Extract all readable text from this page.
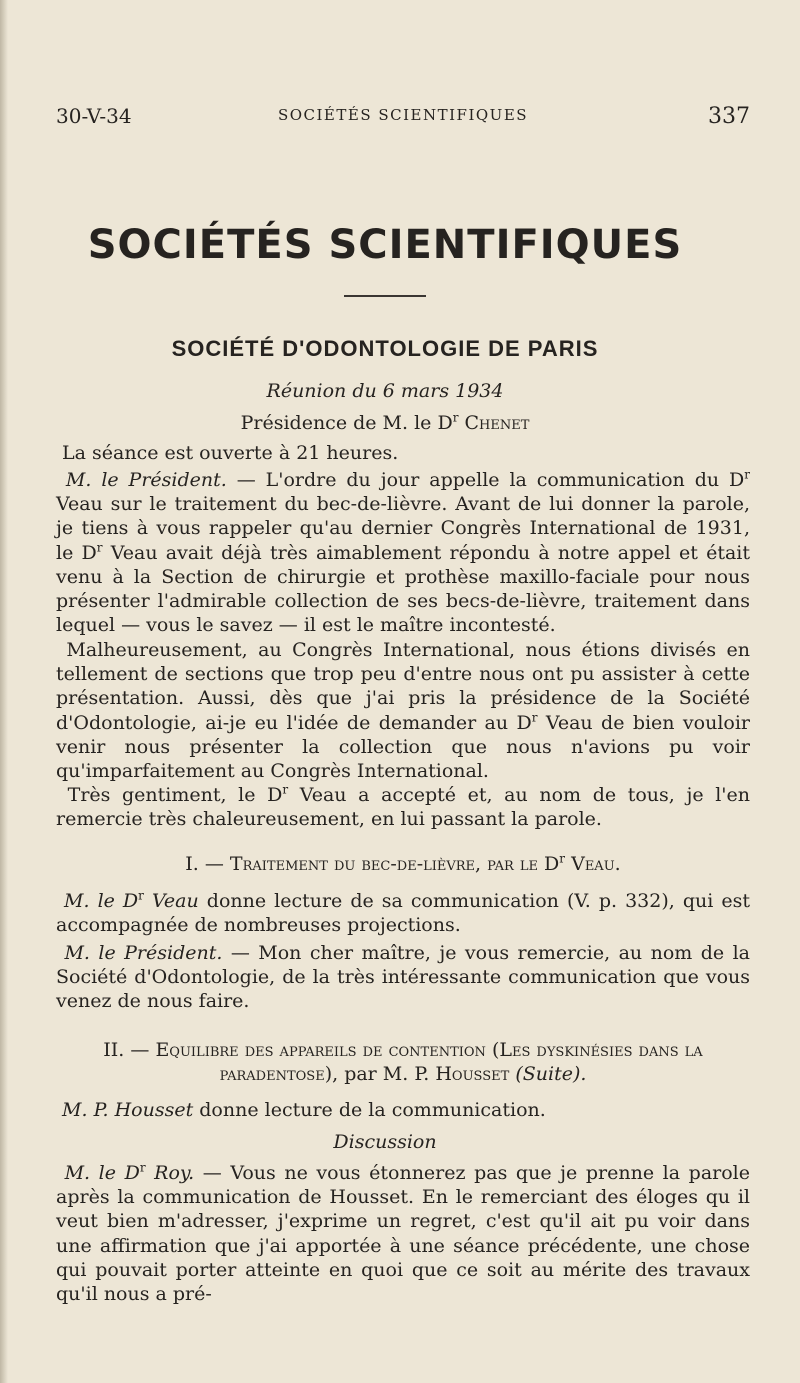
30-V-34	SOCIÉTÉS SCIENTIFIQUES	337
SOCIÉTÉS SCIENTIFIQUES
SOCIÉTÉ D'ODONTOLOGIE DE PARIS
Réunion du 6 mars 1934
Présidence de M. le $D^r$ Chenet

La séance est ouverte à 21 heures.

M. le Président. — L'ordre du jour appelle la communication du $D^r$ Veau sur le traitement du bec-de-lièvre. Avant de lui donner la parole, je tiens à vous rappeler qu'au dernier Congrès International de 1931, le $D^r$ Veau avait déjà très aimablement répondu à notre appel et était venu à la Section de chirurgie et prothèse maxillo-faciale pour nous présenter l'admirable collection de ses becs-de-lièvre, traitement dans lequel — vous le savez — il est le maître incontesté.

Malheureusement, au Congrès International, nous étions divisés en tellement de sections que trop peu d'entre nous ont pu assister à cette présentation. Aussi, dès que j'ai pris la présidence de la Société d'Odontologie, ai-je eu l'idée de demander au $D^r$ Veau de bien vouloir venir nous présenter la collection que nous n'avions pu voir qu'imparfaitement au Congrès International.

Très gentiment, le $D^r$ Veau a accepté et, au nom de tous, je l'en remercie très chaleureusement, en lui passant la parole.

I. — Traitement du bec-de-lièvre, par le $D^r$ Veau.

M. le $D^r$ Veau donne lecture de sa communication (V. p. 332), qui est accompagnée de nombreuses projections.

M. le Président. — Mon cher maître, je vous remercie, au nom de la Société d'Odontologie, de la très intéressante communication que vous venez de nous faire.

II. — Equilibre des appareils de contention (Les dyskinésies dans la paradentose), par M. P. Housset (Suite).

M. P. Housset donne lecture de la communication.

Discussion

M. le $D^r$ Roy. — Vous ne vous étonnerez pas que je prenne la parole après la communication de Housset. En le remerciant des éloges qu il veut bien m'adresser, j'exprime un regret, c'est qu'il ait pu voir dans une affirmation que j'ai apportée à une séance précédente, une chose qui pouvait porter atteinte en quoi que ce soit au mérite des travaux qu'il nous a pré-
